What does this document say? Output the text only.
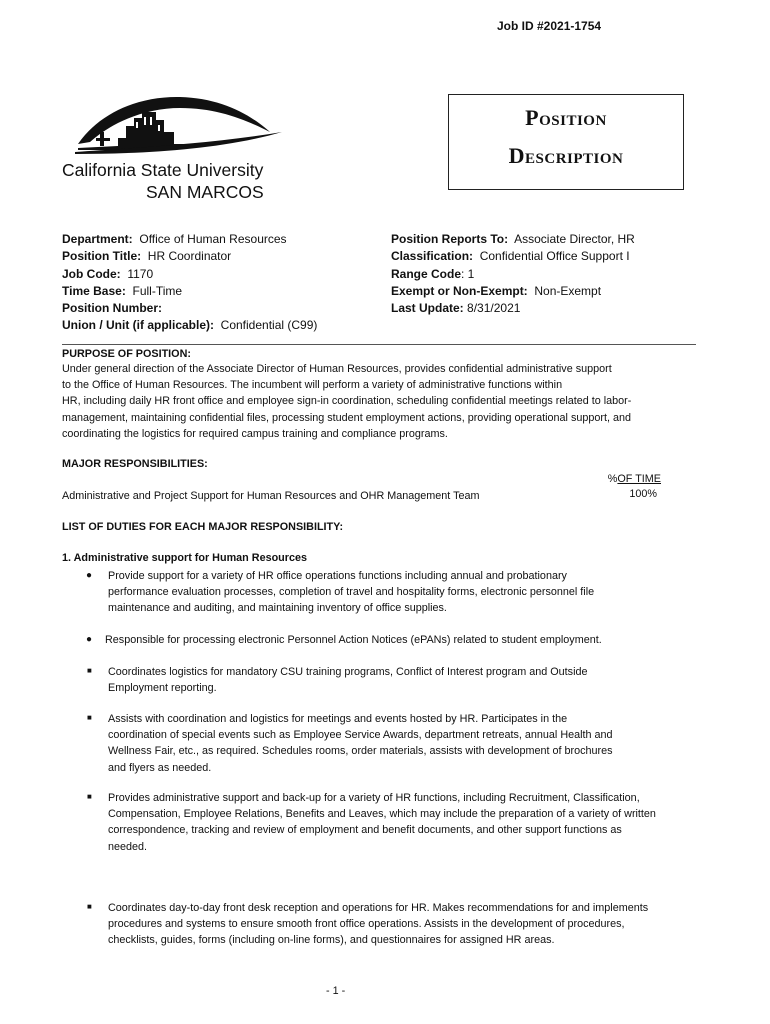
Job ID #2021-1754
California State University
SAN MARCOS
Position
Description
Department: Office of Human Resources
Position Title: HR Coordinator
Job Code: 1170
Time Base: Full-Time
Position Number:
Union / Unit (if applicable): Confidential (C99)
Position Reports To: Associate Director, HR
Classification: Confidential Office Support I
Range Code: 1
Exempt or Non-Exempt: Non-Exempt
Last Update: 8/31/2021
PURPOSE OF POSITION:
Under general direction of the Associate Director of Human Resources, provides confidential administrative support
to the Office of Human Resources. The incumbent will perform a variety of administrative functions within
HR, including daily HR front office and employee sign-in coordination, scheduling confidential meetings related to labor-
management, maintaining confidential files, processing student employment actions, providing operational support, and
coordinating the logistics for required campus training and compliance programs.
MAJOR RESPONSIBILITIES:
%OF TIME
Administrative and Project Support for Human Resources and OHR Management Team	100%
LIST OF DUTIES FOR EACH MAJOR RESPONSIBILITY:
1. Administrative support for Human Resources
● Provide support for a variety of HR office operations functions including annual and probationary
performance evaluation processes, completion of travel and hospitality forms, electronic personnel file
maintenance and auditing, and maintaining inventory of office supplies.
● Responsible for processing electronic Personnel Action Notices (ePANs) related to student employment.
■ Coordinates logistics for mandatory CSU training programs, Conflict of Interest program and Outside
Employment reporting.
■ Assists with coordination and logistics for meetings and events hosted by HR. Participates in the
coordination of special events such as Employee Service Awards, department retreats, annual Health and
Wellness Fair, etc., as required. Schedules rooms, order materials, assists with development of brochures
and flyers as needed.
■ Provides administrative support and back-up for a variety of HR functions, including Recruitment, Classification,
Compensation, Employee Relations, Benefits and Leaves, which may include the preparation of a variety of written
correspondence, tracking and review of employment and benefit documents, and other support functions as
needed.
■ Coordinates day-to-day front desk reception and operations for HR. Makes recommendations for and implements
procedures and systems to ensure smooth front office operations. Assists in the development of procedures,
checklists, guides, forms (including on-line forms), and questionnaires for assigned HR areas.
- 1 -
